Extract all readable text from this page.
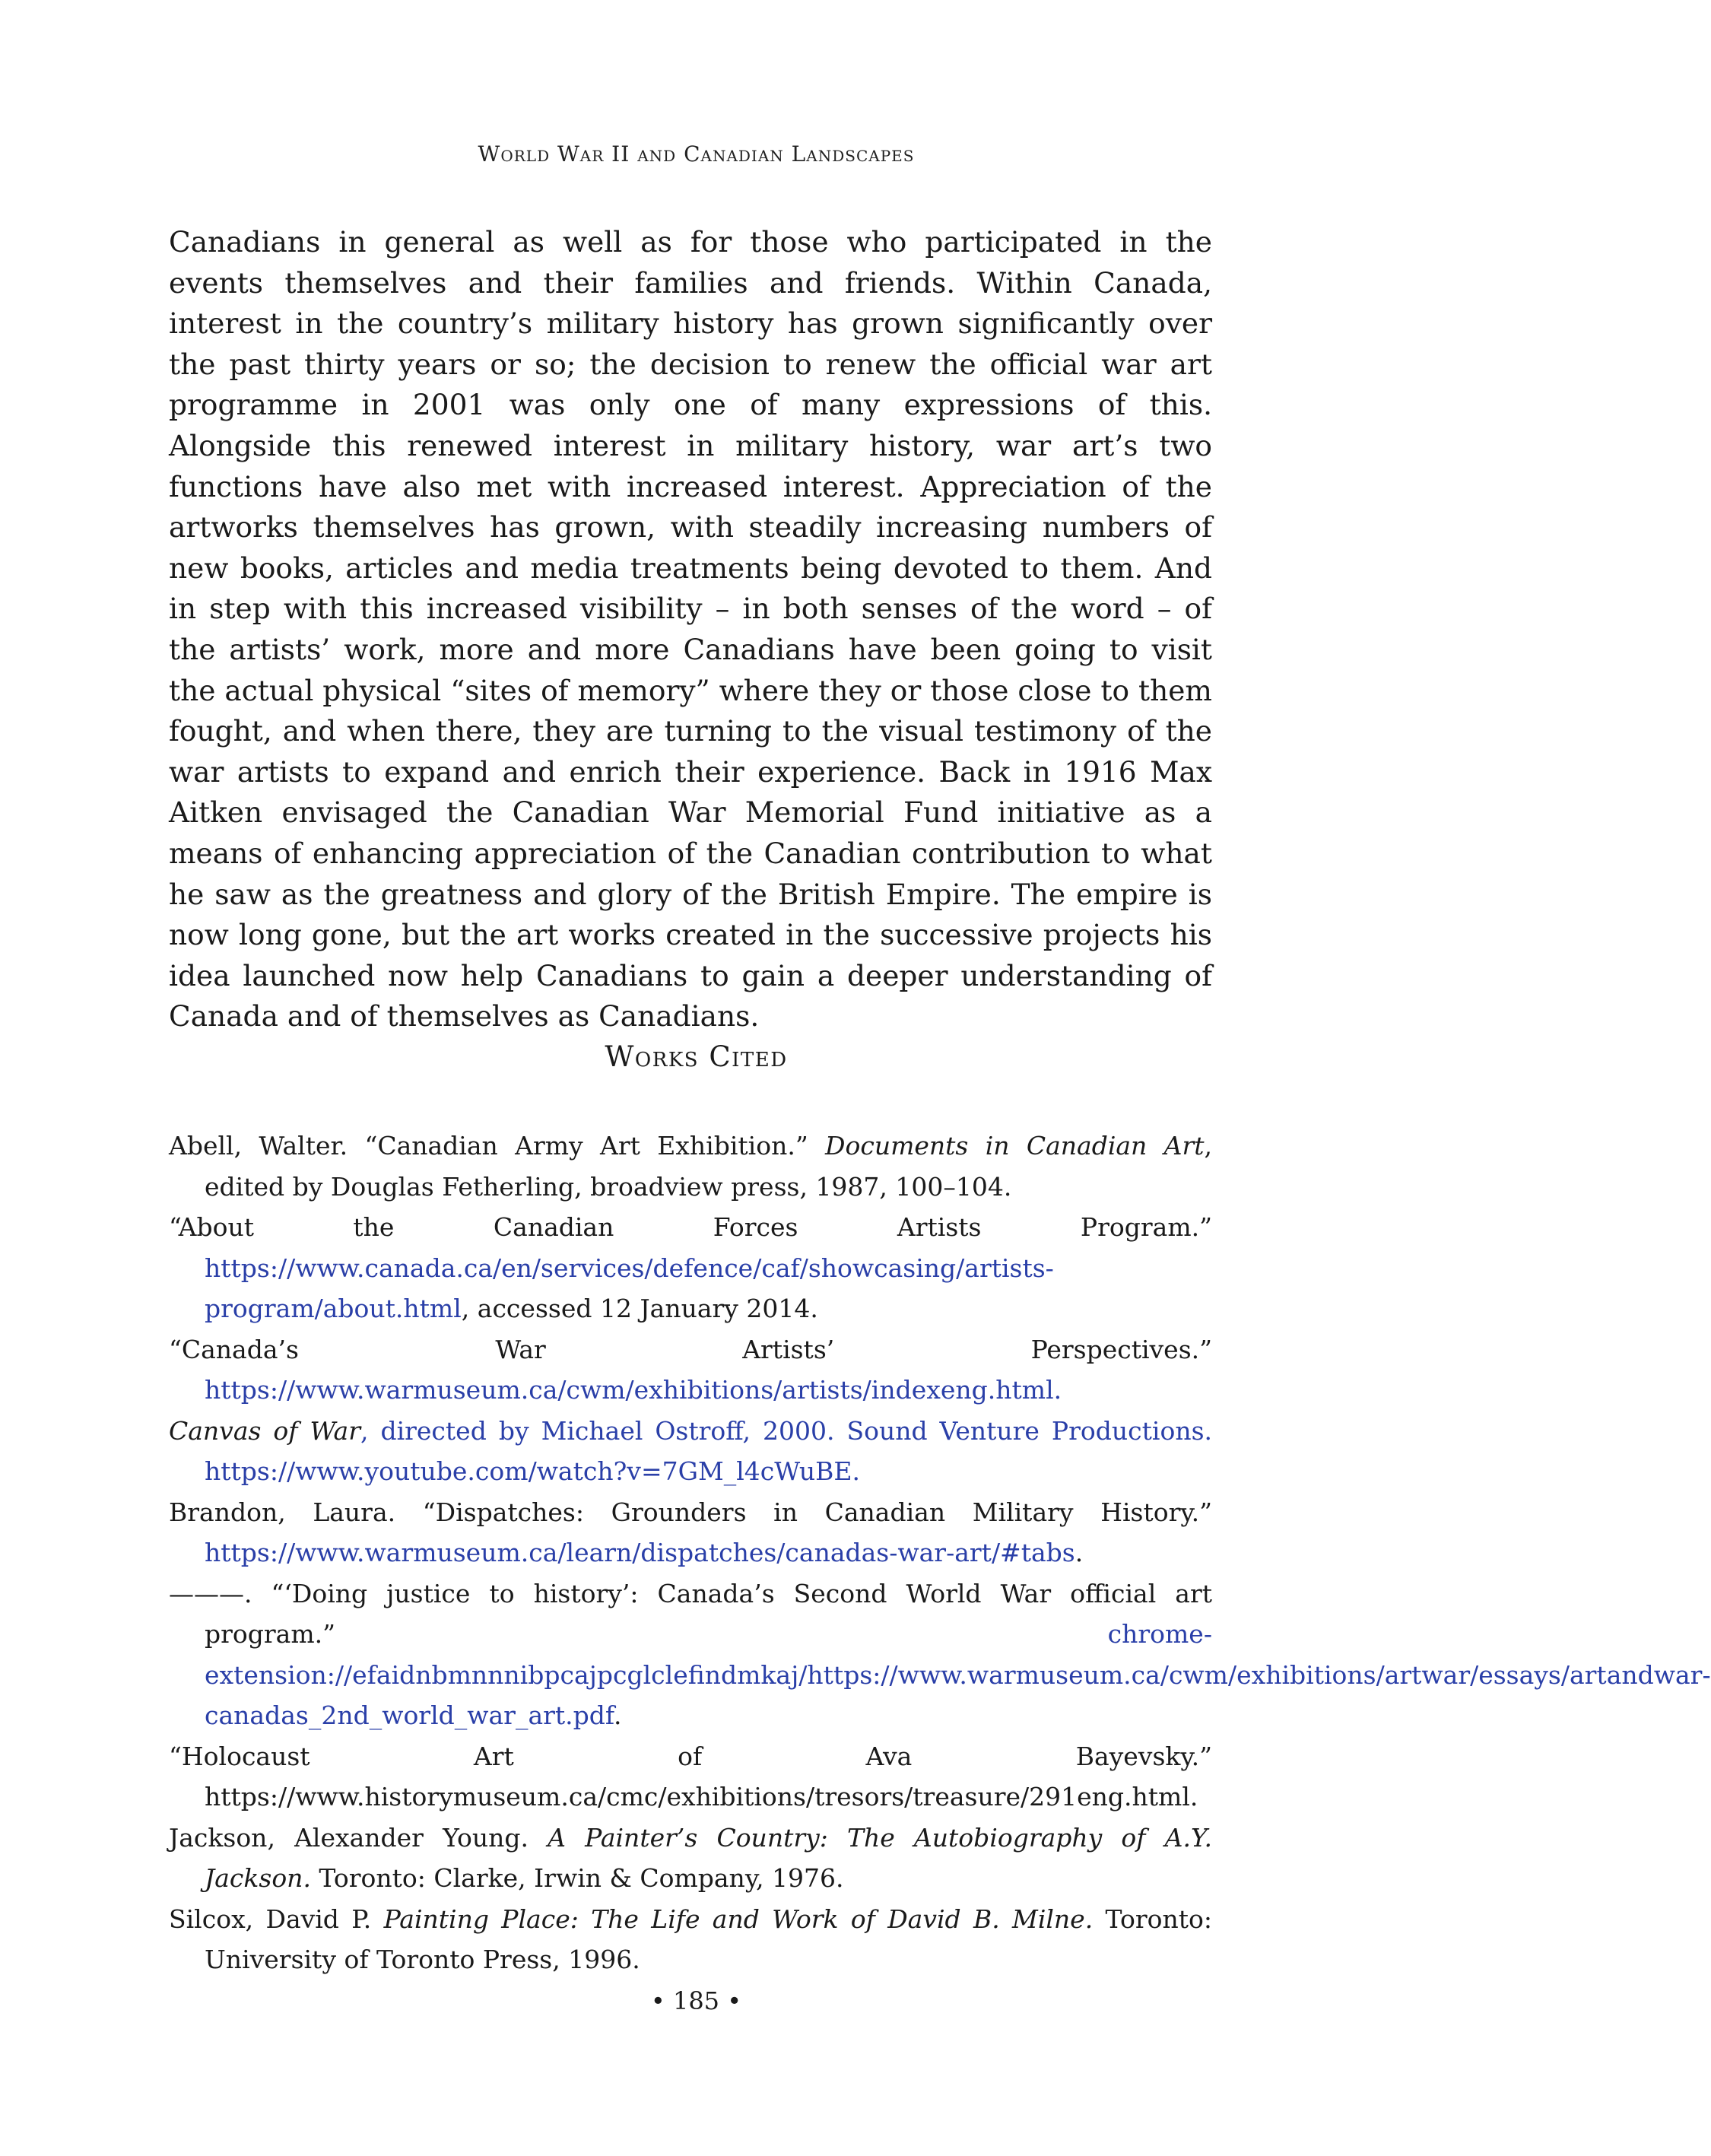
World War II and Canadian Landscapes

Canadians in general as well as for those who participated in the events themselves and their families and friends. Within Canada, interest in the country’s military history has grown significantly over the past thirty years or so; the decision to renew the official war art programme in 2001 was only one of many expressions of this. Alongside this renewed interest in military history, war art’s two functions have also met with increased interest. Appreciation of the artworks themselves has grown, with steadily increasing numbers of new books, articles and media treatments being devoted to them. And in step with this increased visibility – in both senses of the word – of the artists’ work, more and more Canadians have been going to visit the actual physical “sites of memory” where they or those close to them fought, and when there, they are turning to the visual testimony of the war artists to expand and enrich their experience. Back in 1916 Max Aitken envisaged the Canadian War Memorial Fund initiative as a means of enhancing appreciation of the Canadian contribution to what he saw as the greatness and glory of the British Empire. The empire is now long gone, but the art works created in the successive projects his idea launched now help Canadians to gain a deeper understanding of Canada and of themselves as Canadians.

Works Cited
Abell, Walter. “Canadian Army Art Exhibition.” Documents in Canadian Art, edited by Douglas Fetherling, broadview press, 1987, 100–104.
“About the Canadian Forces Artists Program.” https://www.canada.ca/en/services/defence/caf/showcasing/artists-program/about.html, accessed 12 January 2014.
“Canada’s War Artists’ Perspectives.” https://www.warmuseum.ca/cwm/exhibitions/artists/indexeng.html.
Canvas of War, directed by Michael Ostroff, 2000. Sound Venture Productions. https://www.youtube.com/watch?v=7GM_l4cWuBE.
Brandon, Laura. “Dispatches: Grounders in Canadian Military History.” https://www.warmuseum.ca/learn/dispatches/canadas-war-art/#tabs.
———. “‘Doing justice to history’: Canada’s Second World War official art program.” chrome-extension://efaidnbmnnnibpcajpcglclefindmkaj/https://www.warmuseum.ca/cwm/exhibitions/artwar/essays/artandwar-canadas_2nd_world_war_art.pdf.
“Holocaust Art of Ava Bayevsky.” https://www.historymuseum.ca/cmc/exhibitions/tresors/treasure/291eng.html.
Jackson, Alexander Young. A Painter’s Country: The Autobiography of A.Y. Jackson. Toronto: Clarke, Irwin & Company, 1976.
Silcox, David P. Painting Place: The Life and Work of David B. Milne. Toronto: University of Toronto Press, 1996.
• 185 •
